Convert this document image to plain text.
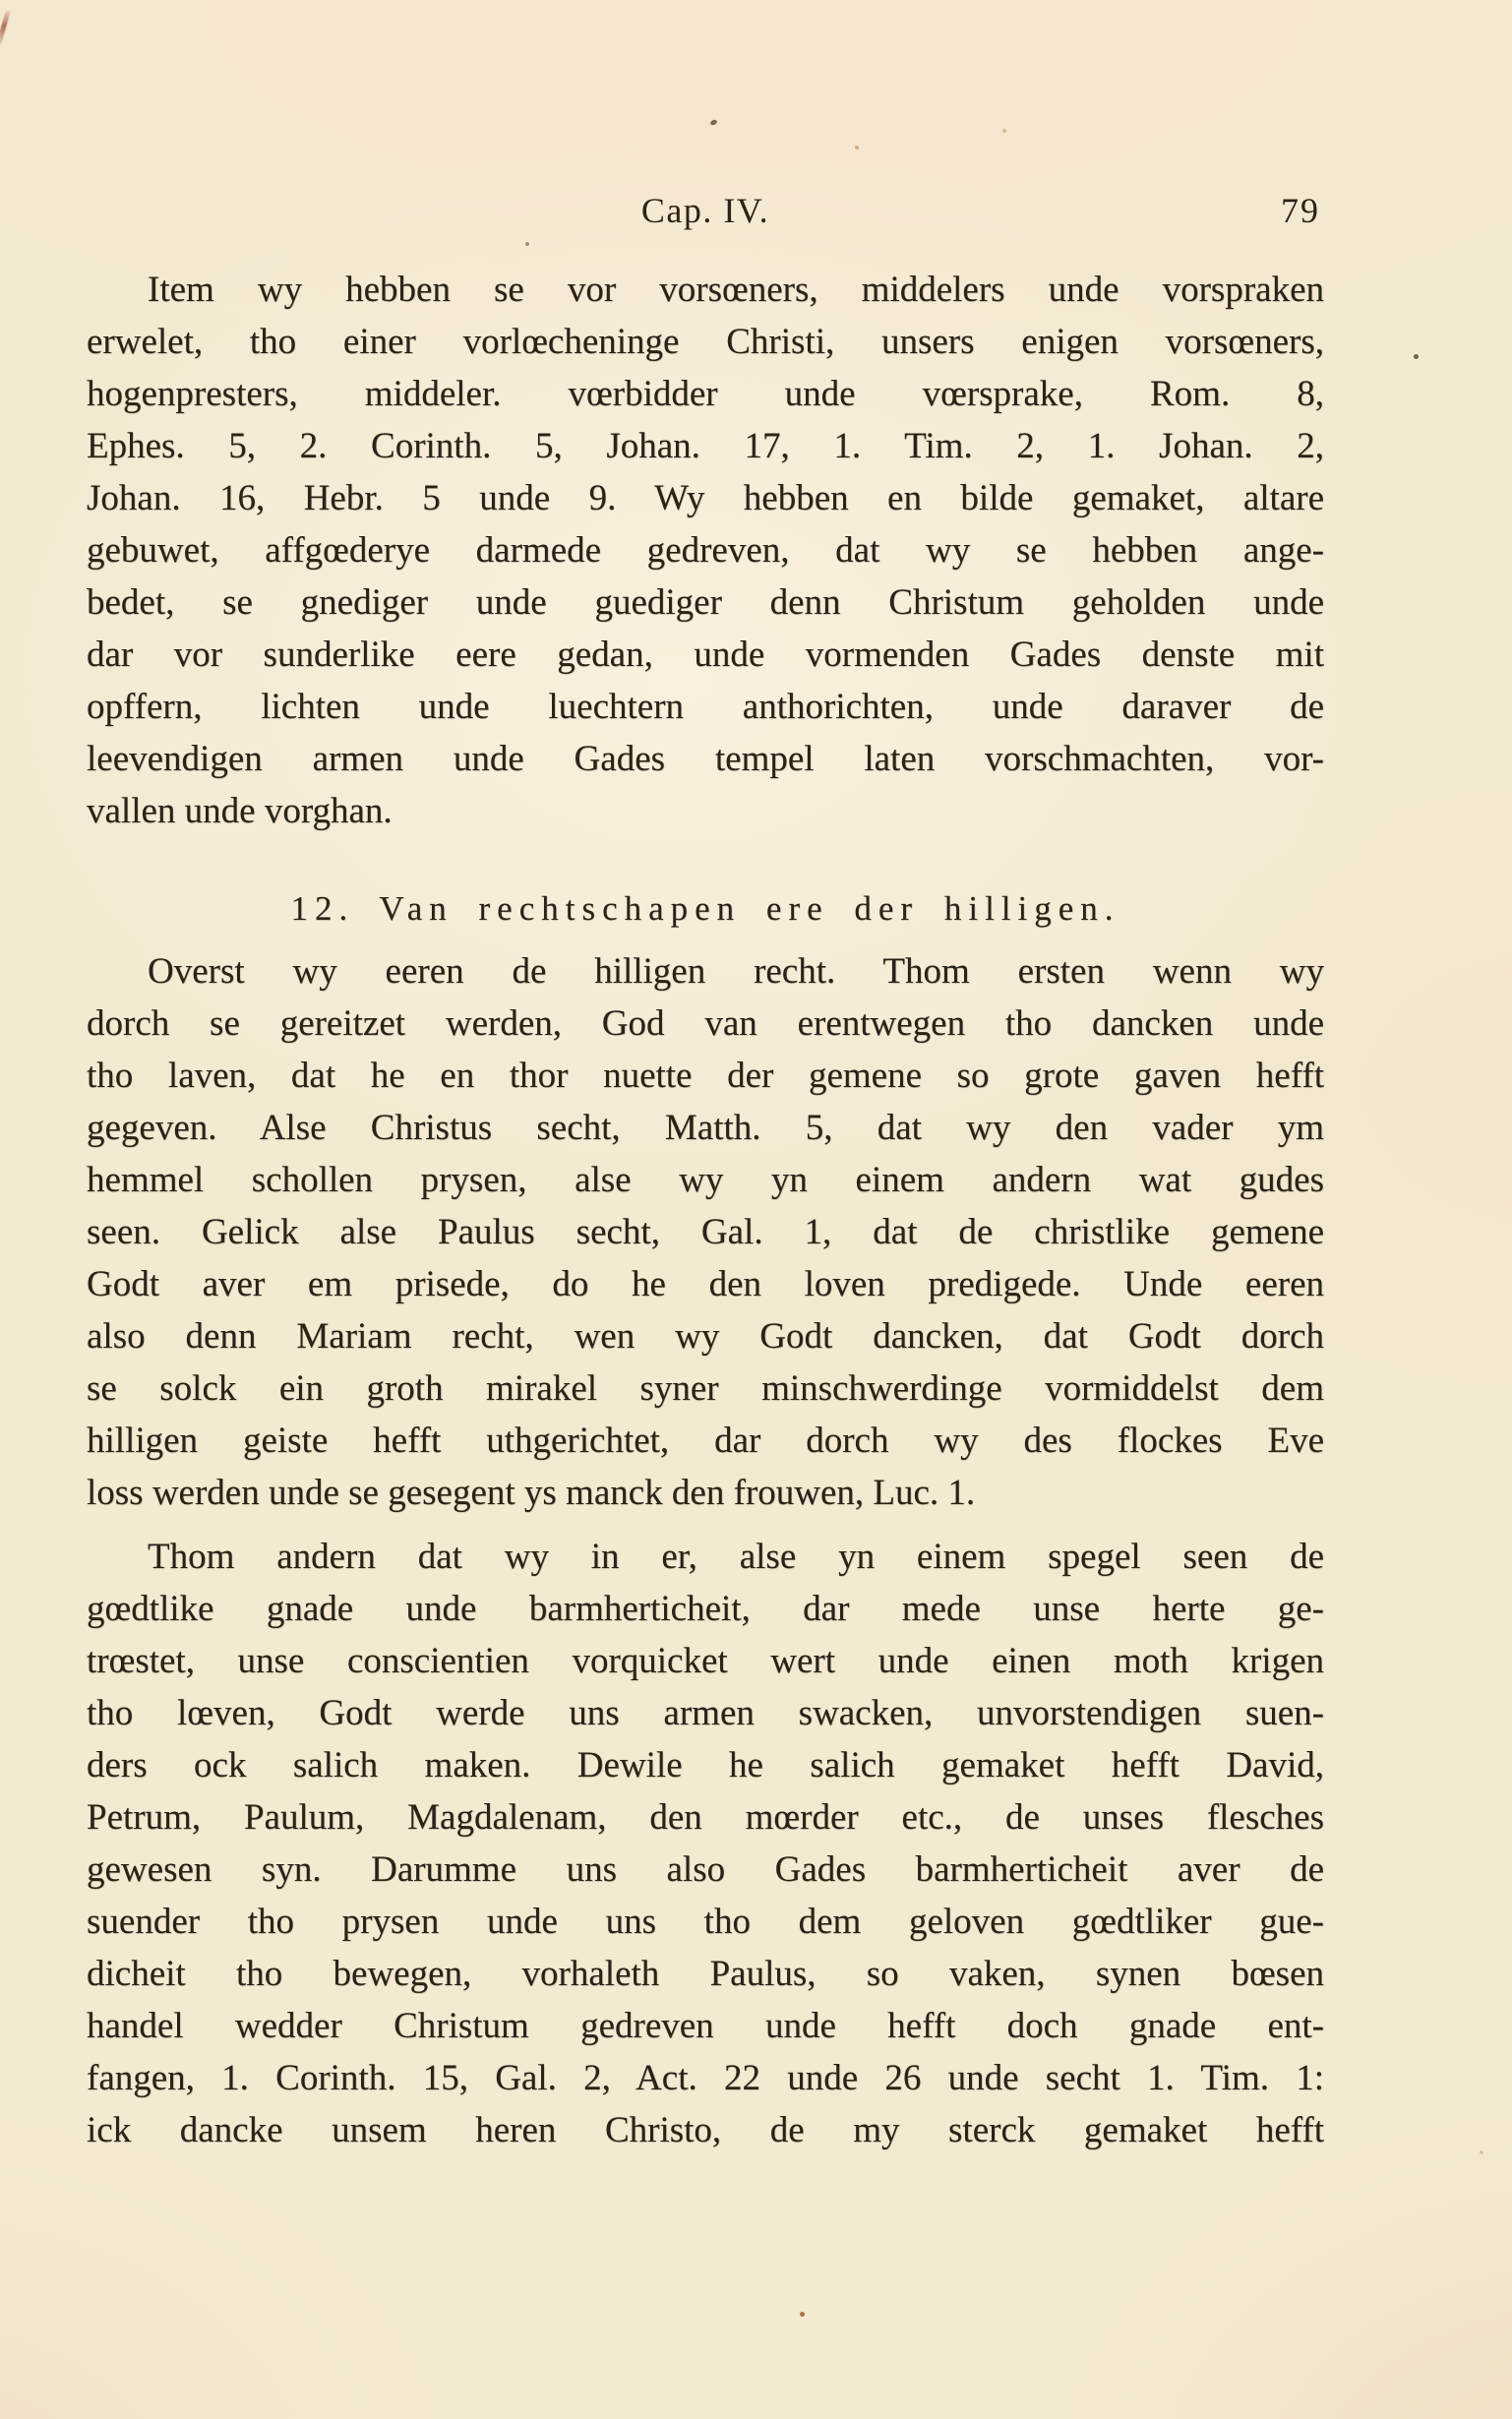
Cap. IV.	79
Item wy hebben se vor vorsœners, middelers unde vorspraken
erwelet, tho einer vorlœcheninge Christi, unsers enigen vorsœners,
hogenpresters, middeler. vœrbidder unde vœrsprake, Rom. 8,
Ephes. 5, 2. Corinth. 5, Johan. 17, 1. Tim. 2, 1. Johan. 2,
Johan. 16, Hebr. 5 unde 9. Wy hebben en bilde gemaket, altare
gebuwet, affgœderye darmede gedreven, dat wy se hebben ange-
bedet, se gnediger unde guediger denn Christum geholden unde
dar vor sunderlike eere gedan, unde vormenden Gades denste mit
opffern, lichten unde luechtern anthorichten, unde daraver de
leevendigen armen unde Gades tempel laten vorschmachten, vor-
vallen unde vorghan.
12. Van rechtschapen ere der hilligen.
Overst wy eeren de hilligen recht. Thom ersten wenn wy
dorch se gereitzet werden, God van erentwegen tho dancken unde
tho laven, dat he en thor nuette der gemene so grote gaven hefft
gegeven. Alse Christus secht, Matth. 5, dat wy den vader ym
hemmel schollen prysen, alse wy yn einem andern wat gudes
seen. Gelick alse Paulus secht, Gal. 1, dat de christlike gemene
Godt aver em prisede, do he den loven predigede. Unde eeren
also denn Mariam recht, wen wy Godt dancken, dat Godt dorch
se solck ein groth mirakel syner minschwerdinge vormiddelst dem
hilligen geiste hefft uthgerichtet, dar dorch wy des flockes Eve
loss werden unde se gesegent ys manck den frouwen, Luc. 1.
Thom andern dat wy in er, alse yn einem spegel seen de
gœdtlike gnade unde barmherticheit, dar mede unse herte ge-
trœstet, unse conscientien vorquicket wert unde einen moth krigen
tho lœven, Godt werde uns armen swacken, unvorstendigen suen-
ders ock salich maken. Dewile he salich gemaket hefft David,
Petrum, Paulum, Magdalenam, den mœrder etc., de unses flesches
gewesen syn. Darumme uns also Gades barmherticheit aver de
suender tho prysen unde uns tho dem geloven gœdtliker gue-
dicheit tho bewegen, vorhaleth Paulus, so vaken, synen bœsen
handel wedder Christum gedreven unde hefft doch gnade ent-
fangen, 1. Corinth. 15, Gal. 2, Act. 22 unde 26 unde secht 1. Tim. 1:
ick dancke unsem heren Christo, de my sterck gemaket hefft
